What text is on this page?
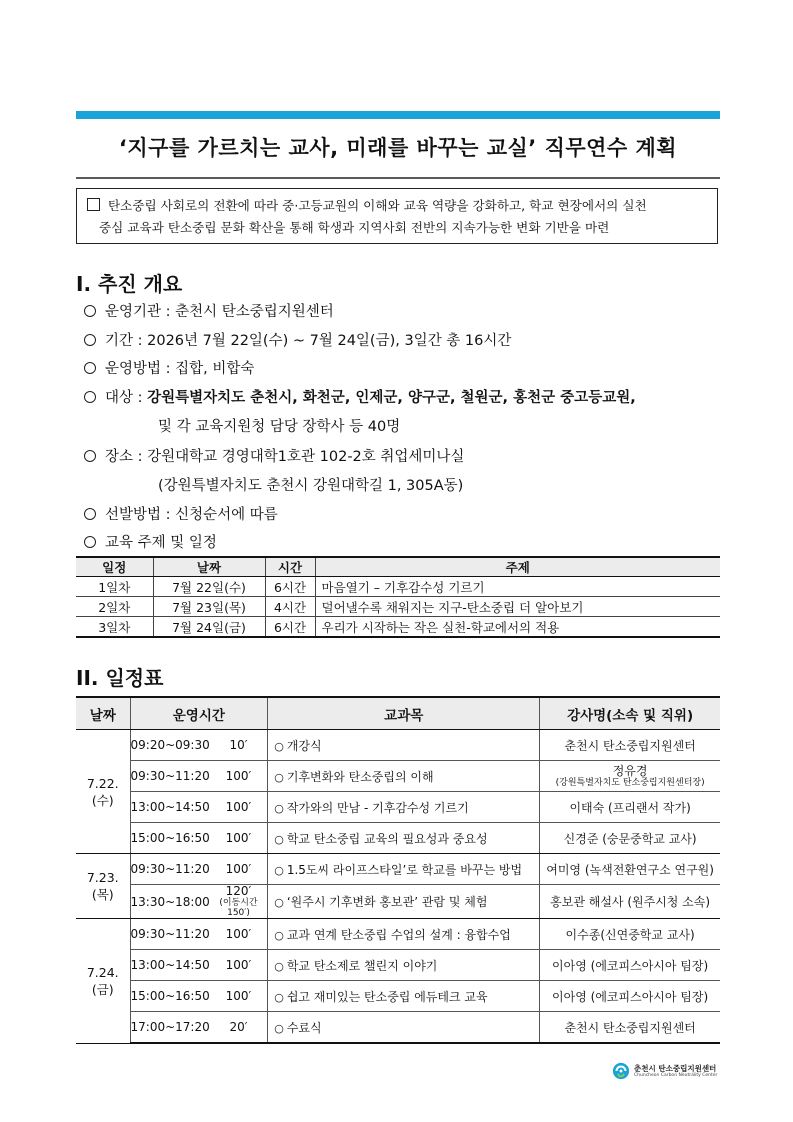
‘지구를 가르치는 교사, 미래를 바꾸는 교실’ 직무연수 계획
탄소중립 사회로의 전환에 따라 중·고등교원의 이해와 교육 역량을 강화하고, 학교 현장에서의 실천
중심 교육과 탄소중립 문화 확산을 통해 학생과 지역사회 전반의 지속가능한 변화 기반을 마련
I. 추진 개요
운영기관 : 춘천시 탄소중립지원센터
기간 : 2026년 7월 22일(수) ~ 7월 24일(금), 3일간 총 16시간
운영방법 : 집합, 비합숙
대상 : 강원특별자치도 춘천시, 화천군, 인제군, 양구군, 철원군, 홍천군 중고등교원,
및 각 교육지원청 담당 장학사 등 40명
장소 : 강원대학교 경영대학1호관 102-2호 취업세미나실
(강원특별자치도 춘천시 강원대학길 1, 305A동)
선발방법 : 신청순서에 따름
교육 주제 및 일정
일정	날짜	시간	주제
1일차	7월 22일(수)	6시간	마음열기 – 기후감수성 기르기
2일차	7월 23일(목)	4시간	덜어낼수록 채워지는 지구-탄소중립 더 알아보기
3일차	7월 24일(금)	6시간	우리가 시작하는 작은 실천-학교에서의 적용
II. 일정표
날짜	운영시간		교과목	강사명(소속 및 직위)

7.22.
(수)	09:20~09:30	10′	○ 개강식	춘천시 탄소중립지원센터
	09:30~11:20	100′	○ 기후변화와 탄소중립의 이해	정유경
(강원특별자치도 탄소중립지원센터장)

	13:00~14:50	100′	○ 작가와의 만남 - 기후감수성 기르기	이태숙 (프리랜서 작가)
	15:00~16:50	100′	○ 학교 탄소중립 교육의 필요성과 중요성	신경준 (숭문중학교 교사)

7.23.
(목)	09:30~11:20	100′	○ 1.5도씨 라이프스타일’로 학교를 바꾸는 방법	여미영 (녹색전환연구소 연구원)
	13:30~18:00	120′
(이동시간150′)	○ ‘원주시 기후변화 홍보관’ 관람 및 체험	홍보관 해설사 (원주시청 소속)

7.24.
(금)	09:30~11:20	100′	○ 교과 연계 탄소중립 수업의 설계 : 융합수업	이수종(신연중학교 교사)
	13:00~14:50	100′	○ 학교 탄소제로 챌린지 이야기	이아영 (에코피스아시아 팀장)
	15:00~16:50	100′	○ 쉽고 재미있는 탄소중립 에듀테크 교육	이아영 (에코피스아시아 팀장)
	17:00~17:20	20′	○ 수료식	춘천시 탄소중립지원센터
춘천시 탄소중립지원센터
Chuncheon Carbon Neutrality Center
